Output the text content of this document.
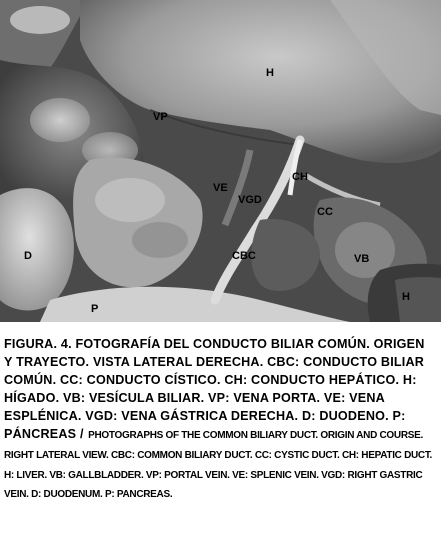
H
VP
VE
VGD
CH
CC
D	CBC	VB
P
H

FIGURA. 4. FOTOGRAFÍA DEL CONDUCTO BILIAR COMÚN. ORIGEN Y TRAYECTO. VISTA LATERAL DERECHA. CBC: CONDUCTO BILIAR COMÚN. CC: CONDUCTO CÍSTICO. CH: CONDUCTO HEPÁTICO. H: HÍGADO. VB: VESÍCULA BILIAR. VP: VENA PORTA. VE: VENA ESPLÉNICA. VGD: VENA GÁSTRICA DERECHA. D: DUODENO. P: PÁNCREAS / PHOTOGRAPHS OF THE COMMON BILIARY DUCT. ORIGIN AND COURSE. RIGHT LATERAL VIEW. CBC: COMMON BILIARY DUCT. CC: CYSTIC DUCT. CH: HEPATIC DUCT. H: LIVER. VB: GALLBLADDER. VP: PORTAL VEIN. VE: SPLENIC VEIN. VGD: RIGHT GASTRIC VEIN. D: DUODENUM. P: PANCREAS.
